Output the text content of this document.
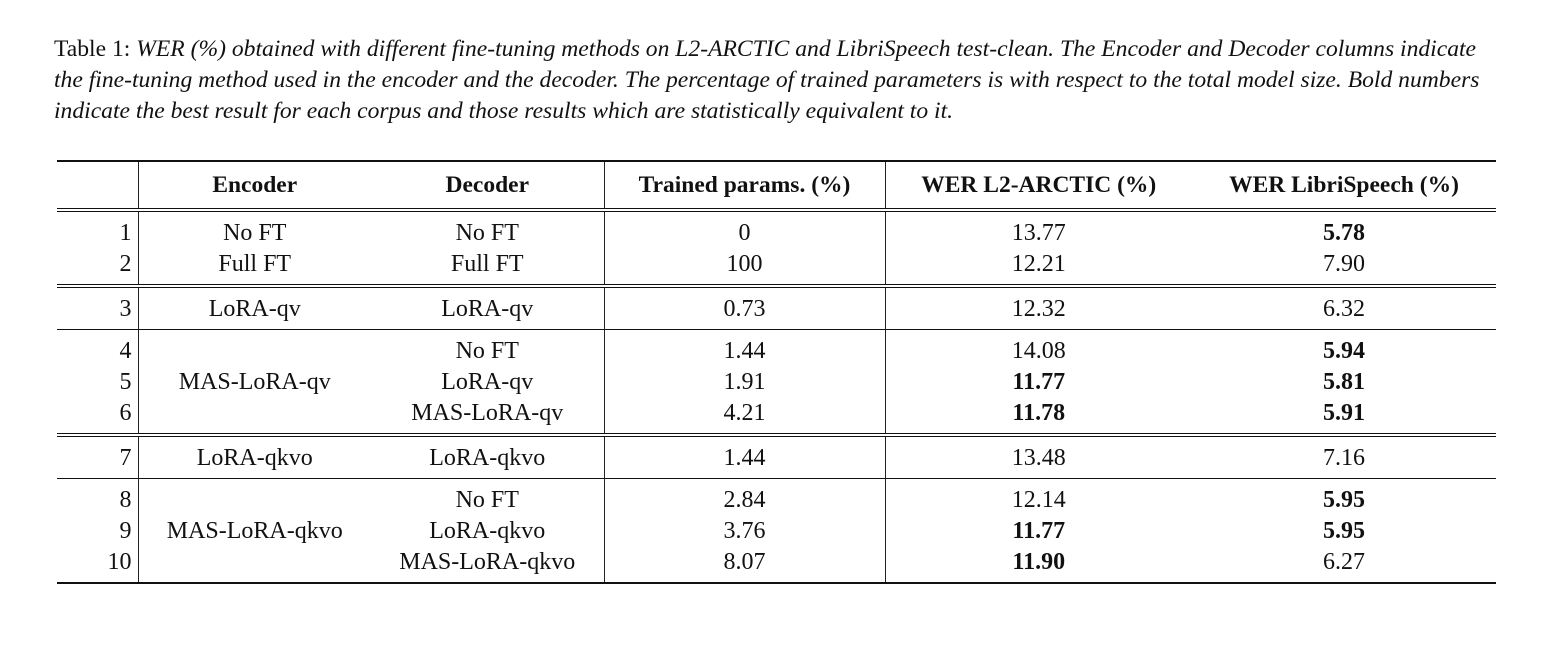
Table 1: WER (%) obtained with different fine-tuning methods on L2-ARCTIC and LibriSpeech test-clean. The Encoder and Decoder columns indicate the fine-tuning method used in the encoder and the decoder. The percentage of trained parameters is with respect to the total model size. Bold numbers indicate the best result for each corpus and those results which are statistically equivalent to it.
	Encoder	Decoder	Trained params. (%)	WER L2-ARCTIC (%)	WER LibriSpeech (%)
1	No FT	No FT	0	13.77	5.78
2	Full FT	Full FT	100	12.21	7.90
3	LoRA-qv	LoRA-qv	0.73	12.32	6.32
4		No FT	1.44	14.08	5.94
5	MAS-LoRA-qv	LoRA-qv	1.91	11.77	5.81
6		MAS-LoRA-qv	4.21	11.78	5.91
7	LoRA-qkvo	LoRA-qkvo	1.44	13.48	7.16
8		No FT	2.84	12.14	5.95
9	MAS-LoRA-qkvo	LoRA-qkvo	3.76	11.77	5.95
10		MAS-LoRA-qkvo	8.07	11.90	6.27
